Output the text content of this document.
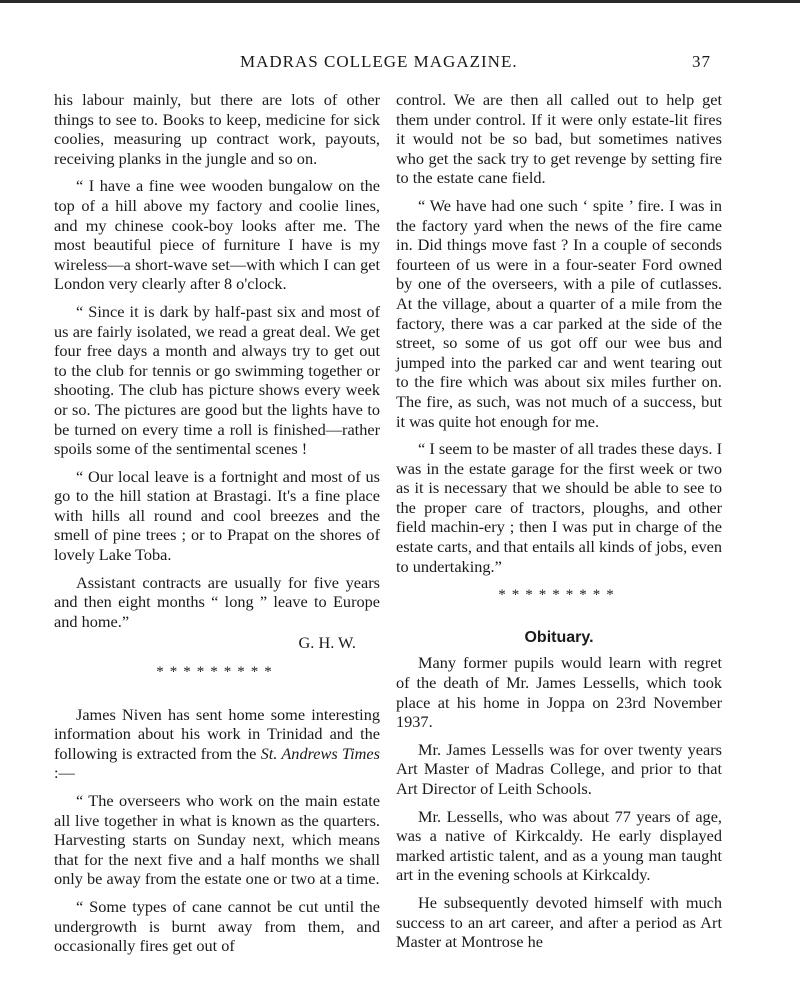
MADRAS COLLEGE MAGAZINE.	37

his labour mainly, but there are lots of other things to see to. Books to keep, medicine for sick coolies, measuring up contract work, payouts, receiving planks in the jungle and so on.

“ I have a fine wee wooden bungalow on the top of a hill above my factory and coolie lines, and my chinese cook-boy looks after me. The most beautiful piece of furniture I have is my wireless—a short-wave set—with which I can get London very clearly after 8 o'clock.

“ Since it is dark by half-past six and most of us are fairly isolated, we read a great deal. We get four free days a month and always try to get out to the club for tennis or go swimming together or shooting. The club has picture shows every week or so. The pictures are good but the lights have to be turned on every time a roll is finished—rather spoils some of the sentimental scenes !

“ Our local leave is a fortnight and most of us go to the hill station at Brastagi. It's a fine place with hills all round and cool breezes and the smell of pine trees ; or to Prapat on the shores of lovely Lake Toba.

Assistant contracts are usually for five years and then eight months “ long ” leave to Europe and home.”

G. H. W.

*********

James Niven has sent home some interesting information about his work in Trinidad and the following is extracted from the St. Andrews Times :—

“ The overseers who work on the main estate all live together in what is known as the quarters. Harvesting starts on Sunday next, which means that for the next five and a half months we shall only be away from the estate one or two at a time.

“ Some types of cane cannot be cut until the undergrowth is burnt away from them, and occasionally fires get out of

control. We are then all called out to help get them under control. If it were only estate-lit fires it would not be so bad, but sometimes natives who get the sack try to get revenge by setting fire to the estate cane field.

“ We have had one such ‘ spite ’ fire. I was in the factory yard when the news of the fire came in. Did things move fast ? In a couple of seconds fourteen of us were in a four-seater Ford owned by one of the overseers, with a pile of cutlasses. At the village, about a quarter of a mile from the factory, there was a car parked at the side of the street, so some of us got off our wee bus and jumped into the parked car and went tearing out to the fire which was about six miles further on. The fire, as such, was not much of a success, but it was quite hot enough for me.

“ I seem to be master of all trades these days. I was in the estate garage for the first week or two as it is necessary that we should be able to see to the proper care of tractors, ploughs, and other field machin-ery ; then I was put in charge of the estate carts, and that entails all kinds of jobs, even to undertaking.”

*********
Obituary.

Many former pupils would learn with regret of the death of Mr. James Lessells, which took place at his home in Joppa on 23rd November 1937.

Mr. James Lessells was for over twenty years Art Master of Madras College, and prior to that Art Director of Leith Schools.

Mr. Lessells, who was about 77 years of age, was a native of Kirkcaldy. He early displayed marked artistic talent, and as a young man taught art in the evening schools at Kirkcaldy.

He subsequently devoted himself with much success to an art career, and after a period as Art Master at Montrose he
